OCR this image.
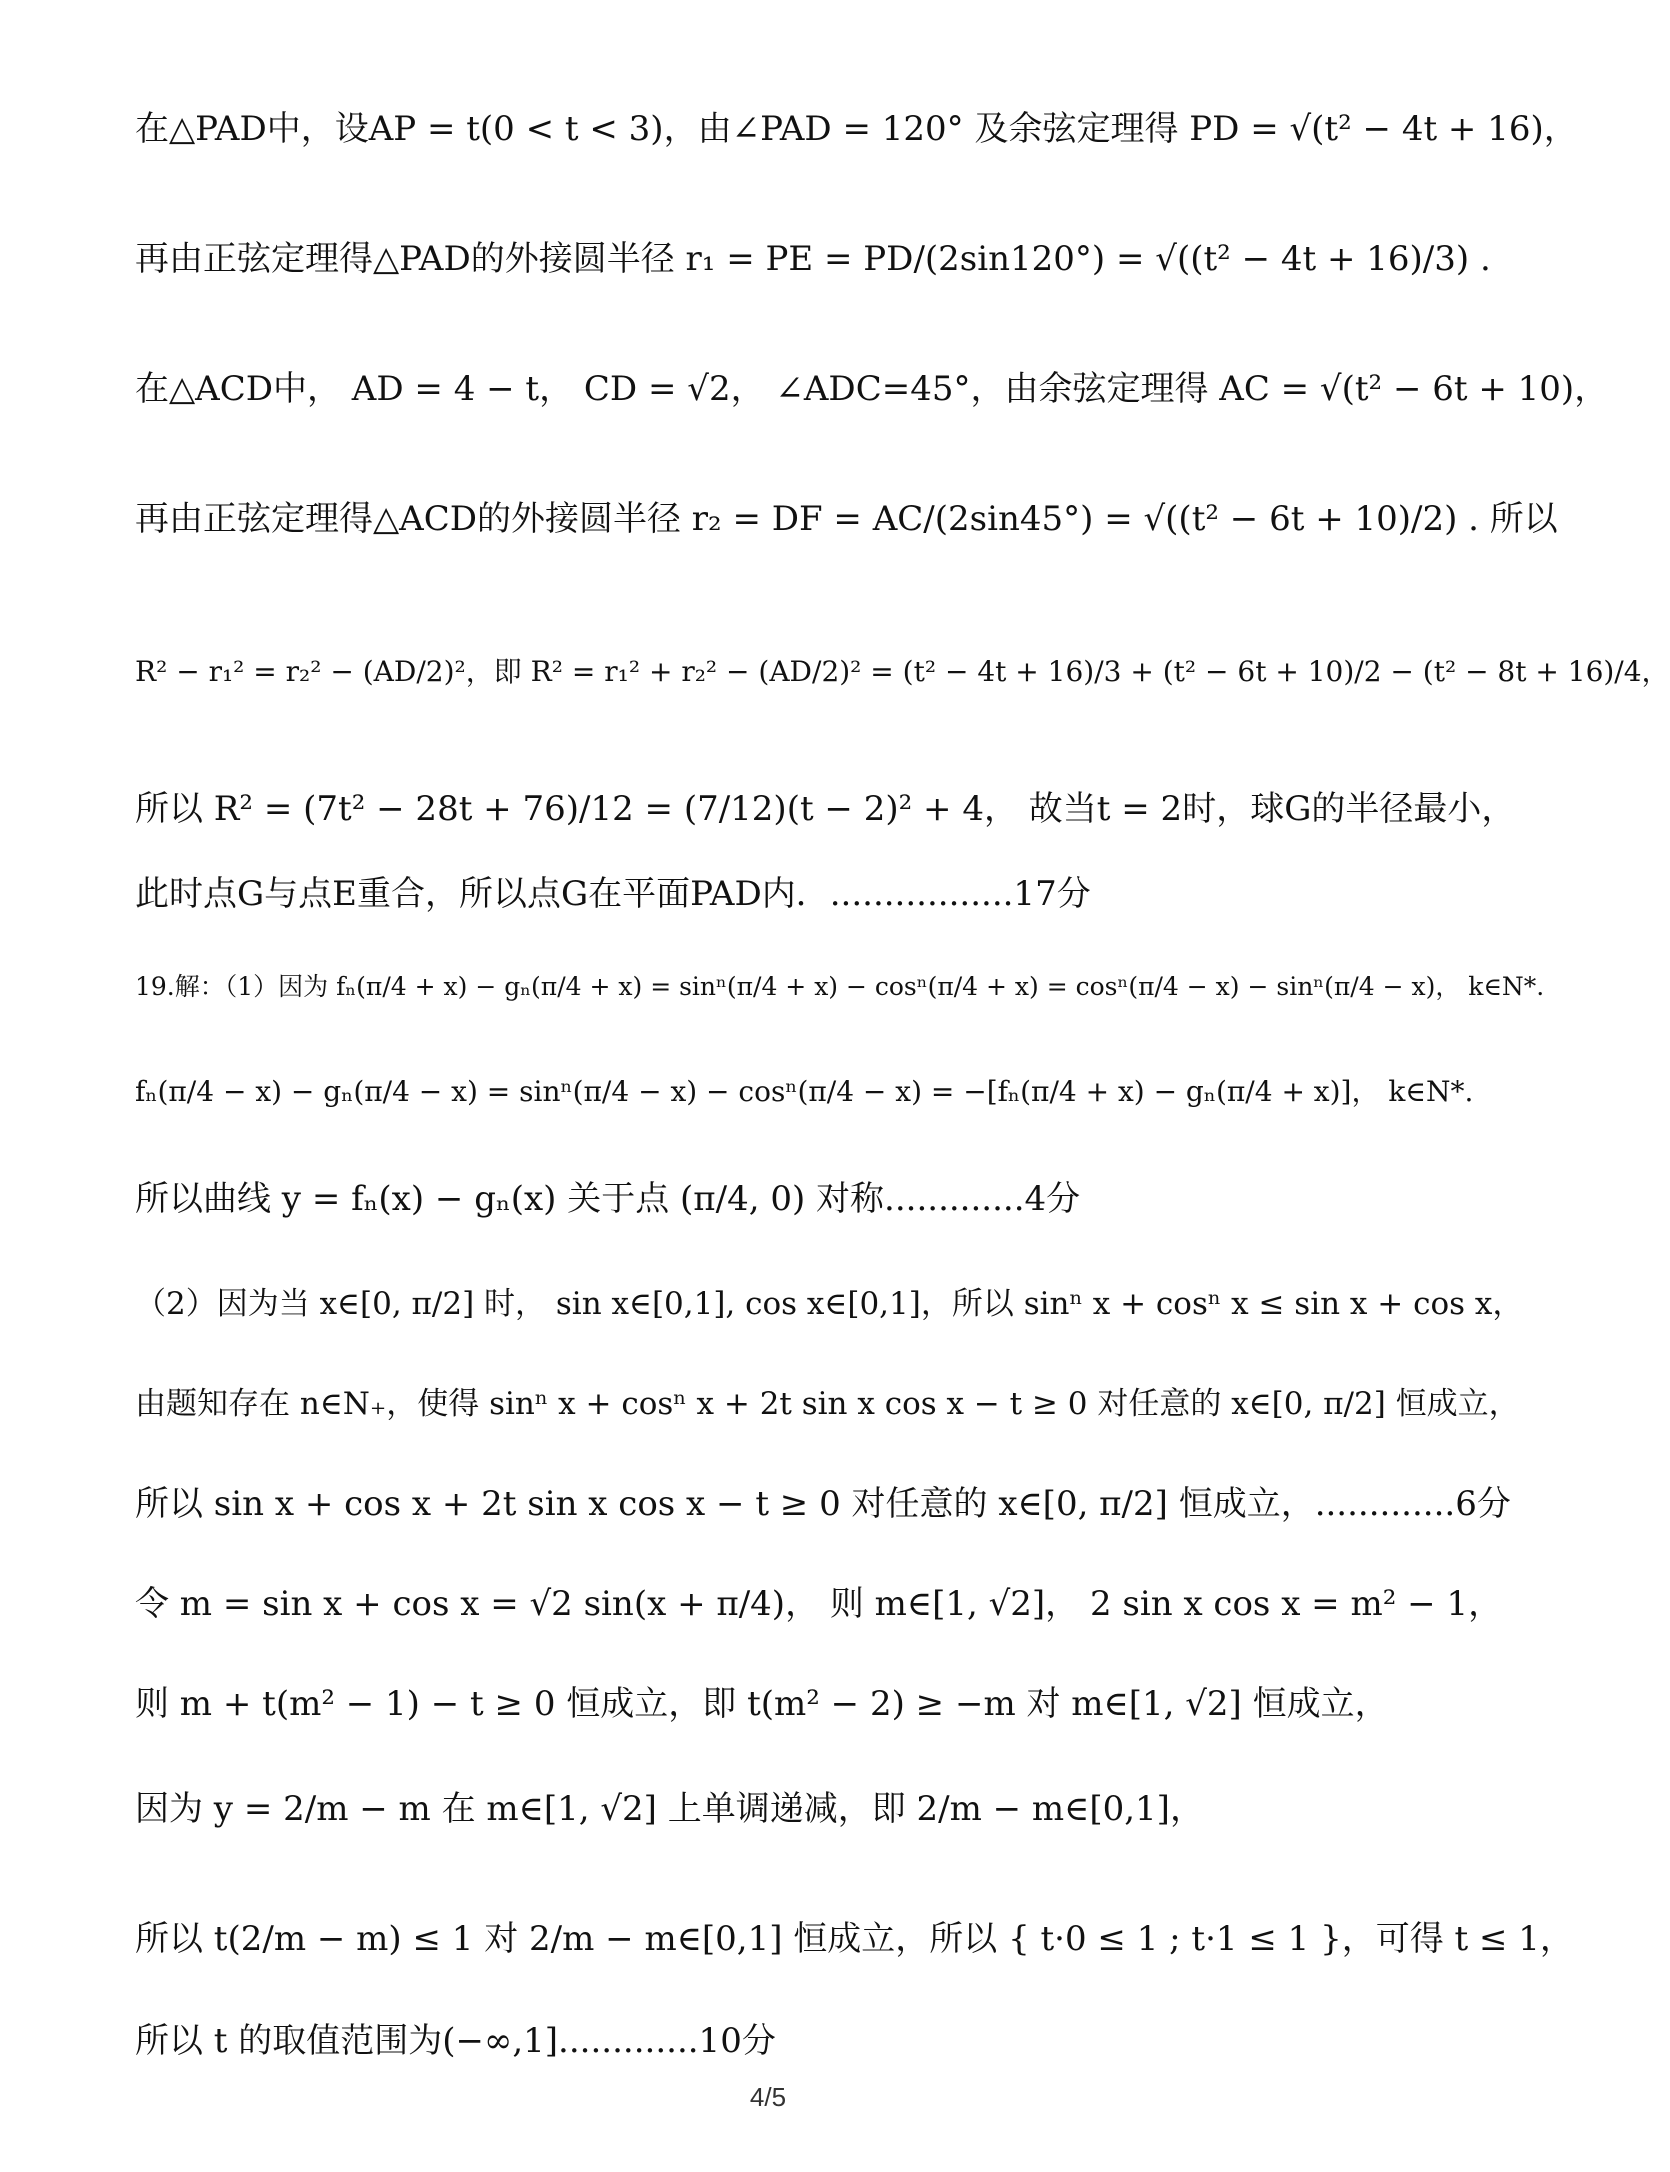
在△PAD中，设AP = t(0 < t < 3)，由∠PAD = 120° 及余弦定理得 PD = √(t² − 4t + 16)，
再由正弦定理得△PAD的外接圆半径 r₁ = PE = PD/(2sin120°) = √((t² − 4t + 16)/3) .
在△ACD中， AD = 4 − t， CD = √2， ∠ADC=45°，由余弦定理得 AC = √(t² − 6t + 10)，
再由正弦定理得△ACD的外接圆半径 r₂ = DF = AC/(2sin45°) = √((t² − 6t + 10)/2) . 所以
R² − r₁² = r₂² − (AD/2)²，即 R² = r₁² + r₂² − (AD/2)² = (t² − 4t + 16)/3 + (t² − 6t + 10)/2 − (t² − 8t + 16)/4，
所以 R² = (7t² − 28t + 76)/12 = (7/12)(t − 2)² + 4， 故当t = 2时，球G的半径最小，
此时点G与点E重合，所以点G在平面PAD内．.................17分
19.解：（1）因为 fₙ(π/4 + x) − gₙ(π/4 + x) = sinⁿ(π/4 + x) − cosⁿ(π/4 + x) = cosⁿ(π/4 − x) − sinⁿ(π/4 − x)， k∈N*.
fₙ(π/4 − x) − gₙ(π/4 − x) = sinⁿ(π/4 − x) − cosⁿ(π/4 − x) = −[fₙ(π/4 + x) − gₙ(π/4 + x)]， k∈N*.
所以曲线 y = fₙ(x) − gₙ(x) 关于点 (π/4, 0) 对称.............4分
（2）因为当 x∈[0, π/2] 时， sin x∈[0,1], cos x∈[0,1]，所以 sinⁿ x + cosⁿ x ≤ sin x + cos x，
由题知存在 n∈N₊，使得 sinⁿ x + cosⁿ x + 2t sin x cos x − t ≥ 0 对任意的 x∈[0, π/2] 恒成立，
所以 sin x + cos x + 2t sin x cos x − t ≥ 0 对任意的 x∈[0, π/2] 恒成立，.............6分
令 m = sin x + cos x = √2 sin(x + π/4)， 则 m∈[1, √2]， 2 sin x cos x = m² − 1，
则 m + t(m² − 1) − t ≥ 0 恒成立，即 t(m² − 2) ≥ −m 对 m∈[1, √2] 恒成立，
因为 y = 2/m − m 在 m∈[1, √2] 上单调递减，即 2/m − m∈[0,1]，
所以 t(2/m − m) ≤ 1 对 2/m − m∈[0,1] 恒成立，所以 { t·0 ≤ 1 ; t·1 ≤ 1 }，可得 t ≤ 1，
所以 t 的取值范围为(−∞,1].............10分
4/5
